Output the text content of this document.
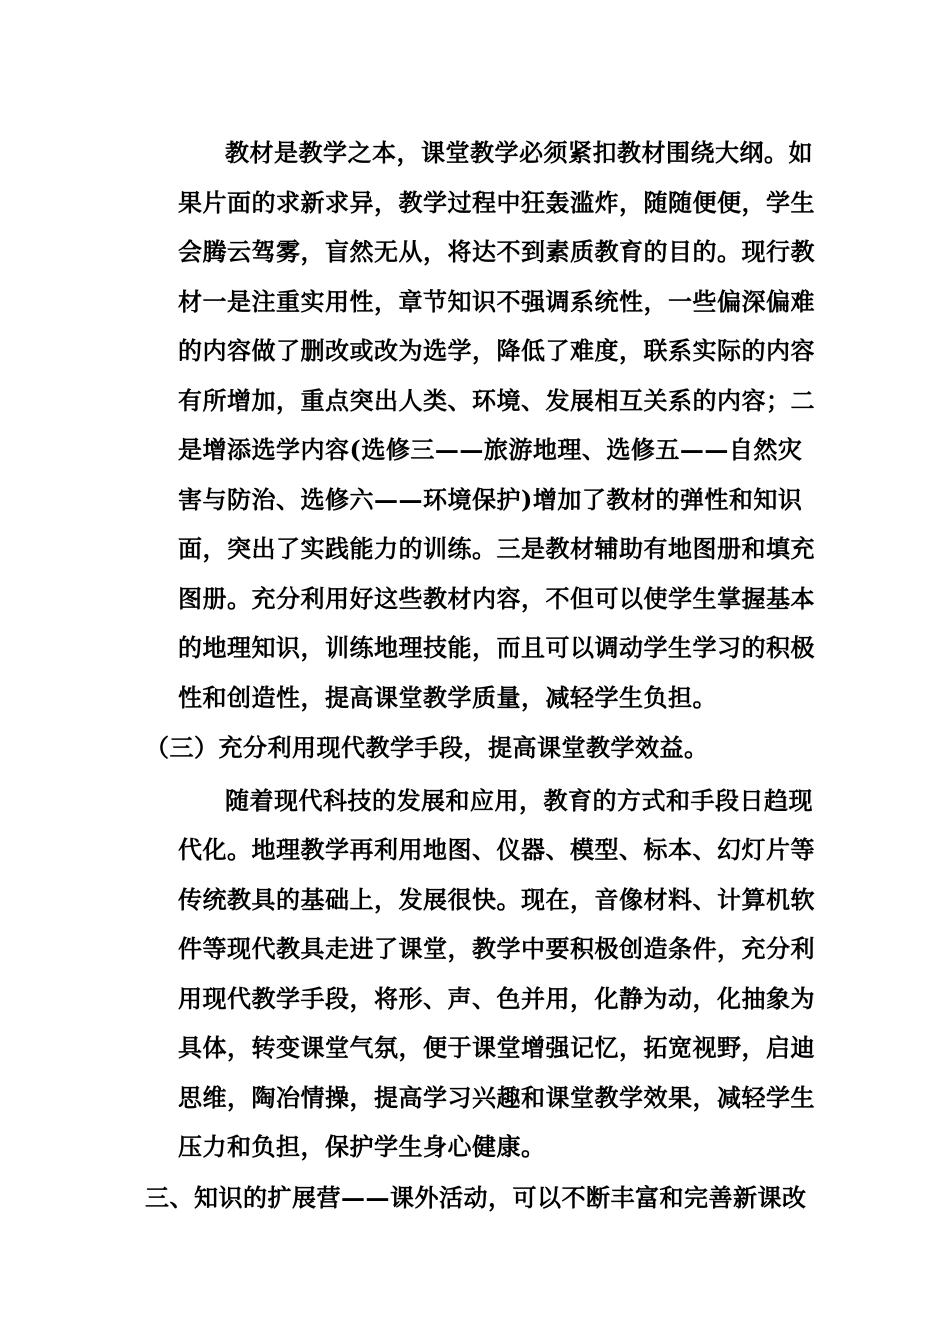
教材是教学之本，课堂教学必须紧扣教材围绕大纲。如
果片面的求新求异，教学过程中狂轰滥炸，随随便便，学生
会腾云驾雾，盲然无从，将达不到素质教育的目的。现行教
材一是注重实用性，章节知识不强调系统性，一些偏深偏难
的内容做了删改或改为选学，降低了难度，联系实际的内容
有所增加，重点突出人类、环境、发展相互关系的内容；二
是增添选学内容(选修三——旅游地理、选修五——自然灾
害与防治、选修六——环境保护)增加了教材的弹性和知识
面，突出了实践能力的训练。三是教材辅助有地图册和填充
图册。充分利用好这些教材内容，不但可以使学生掌握基本
的地理知识，训练地理技能，而且可以调动学生学习的积极
性和创造性，提高课堂教学质量，减轻学生负担。
（三）充分利用现代教学手段，提高课堂教学效益。
随着现代科技的发展和应用，教育的方式和手段日趋现
代化。地理教学再利用地图、仪器、模型、标本、幻灯片等
传统教具的基础上，发展很快。现在，音像材料、计算机软
件等现代教具走进了课堂，教学中要积极创造条件，充分利
用现代教学手段，将形、声、色并用，化静为动，化抽象为
具体，转变课堂气氛，便于课堂增强记忆，拓宽视野，启迪
思维，陶冶情操，提高学习兴趣和课堂教学效果，减轻学生
压力和负担，保护学生身心健康。
三、知识的扩展营——课外活动，可以不断丰富和完善新课改
